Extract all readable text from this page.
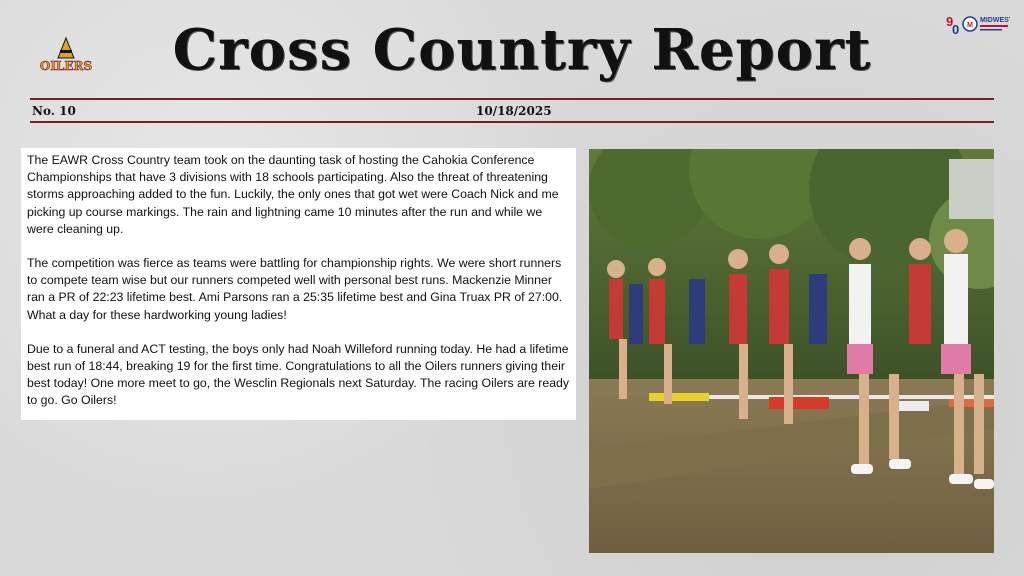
OILERS
9
0 M
MIDWEST
Cross Country Report
No. 10	10/18/2025

The EAWR Cross Country team took on the daunting task of hosting the Cahokia Conference Championships that have 3 divisions with 18 schools participating. Also the threat of threatening storms approaching added to the fun. Luckily, the only ones that got wet were Coach Nick and me picking up course markings. The rain and lightning came 10 minutes after the run and while we were cleaning up.

The competition was fierce as teams were battling for championship rights. We were short runners to compete team wise but our runners competed well with personal best runs. Mackenzie Minner ran a PR of 22:23 lifetime best. Ami Parsons ran a 25:35 lifetime best and Gina Truax PR of 27:00. What a day for these hardworking young ladies!

Due to a funeral and ACT testing, the boys only had Noah Willeford running today. He had a lifetime best run of 18:44, breaking 19 for the first time. Congratulations to all the Oilers runners giving their best today! One more meet to go, the Wesclin Regionals next Saturday. The racing Oilers are ready to go. Go Oilers!
